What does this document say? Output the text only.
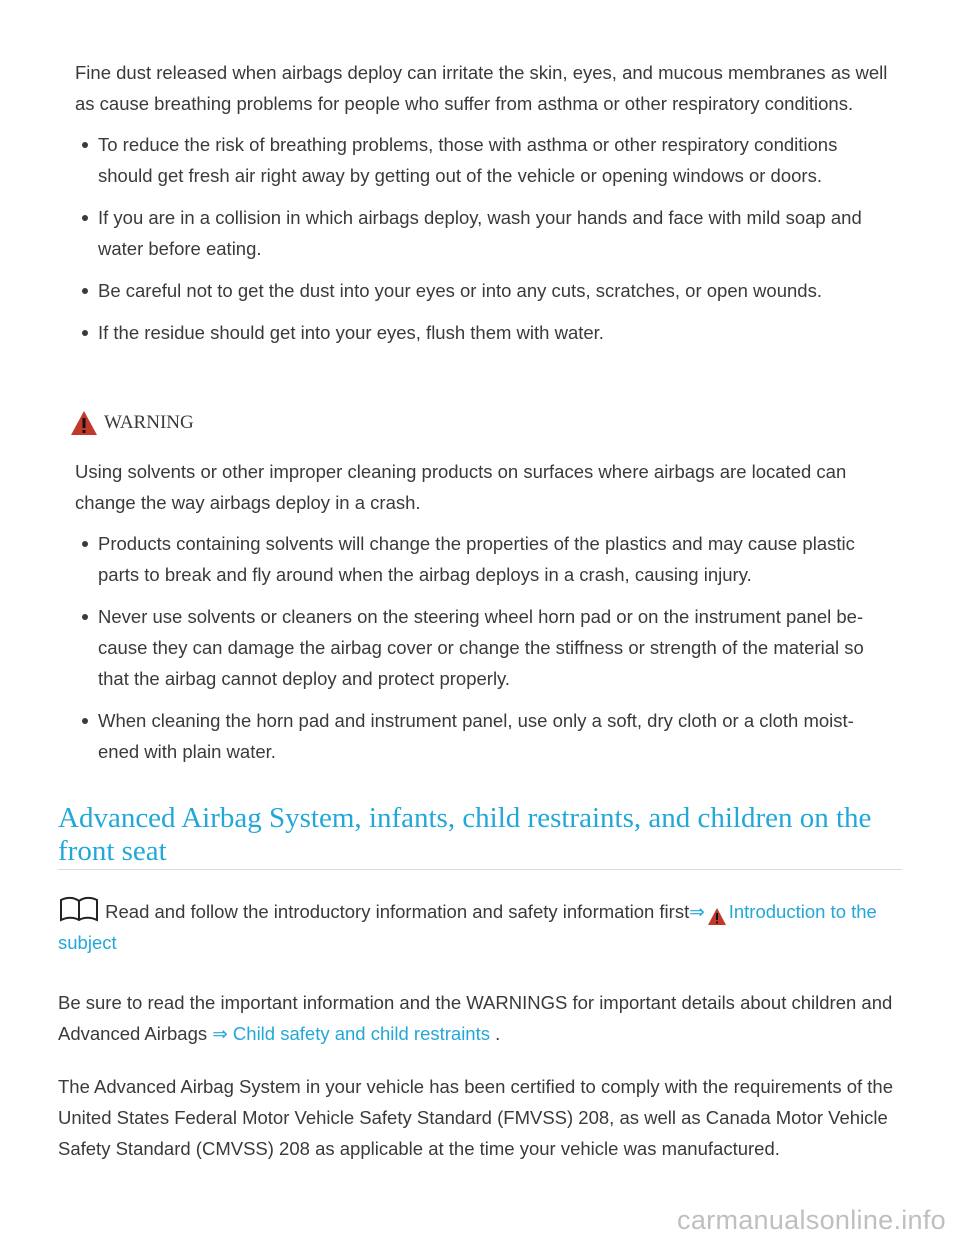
Fine dust released when airbags deploy can irritate the skin, eyes, and mucous membranes as well as cause breathing problems for people who suffer from asthma or other respiratory conditions.

To reduce the risk of breathing problems, those with asthma or other respiratory conditions should get fresh air right away by getting out of the vehicle or opening windows or doors.
If you are in a collision in which airbags deploy, wash your hands and face with mild soap and water before eating.
Be careful not to get the dust into your eyes or into any cuts, scratches, or open wounds.
If the residue should get into your eyes, flush them with water.
WARNING

Using solvents or other improper cleaning products on surfaces where airbags are located can change the way airbags deploy in a crash.

Products containing solvents will change the properties of the plastics and may cause plastic parts to break and fly around when the airbag deploys in a crash, causing injury.
Never use solvents or cleaners on the steering wheel horn pad or on the instrument panel be-cause they can damage the airbag cover or change the stiffness or strength of the material so that the airbag cannot deploy and protect properly.
When cleaning the horn pad and instrument panel, use only a soft, dry cloth or a cloth moist-ened with plain water.
Advanced Airbag System, infants, child restraints, and children on the front seat

Read and follow the introductory information and safety information first⇒ Introduction to the subject

Be sure to read the important information and the WARNINGS for important details about children and Advanced Airbags ⇒ Child safety and child restraints .

The Advanced Airbag System in your vehicle has been certified to comply with the requirements of the United States Federal Motor Vehicle Safety Standard (FMVSS) 208, as well as Canada Motor Vehicle Safety Standard (CMVSS) 208 as applicable at the time your vehicle was manufactured.

carmanualsonline.info
